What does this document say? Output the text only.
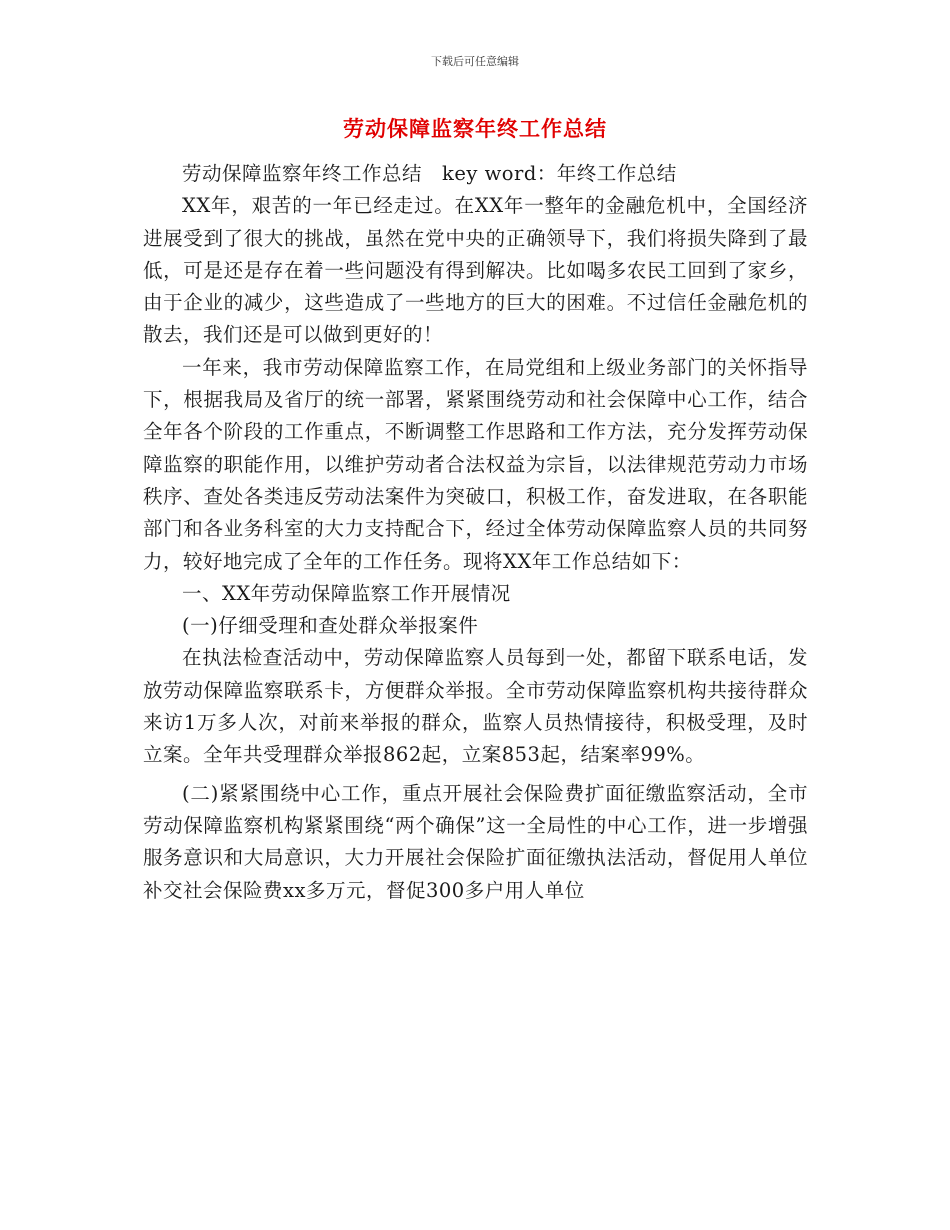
下载后可任意编辑
劳动保障监察年终工作总结

劳动保障监察年终工作总结　key word：年终工作总结

XX年，艰苦的一年已经走过。在XX年一整年的金融危机中，全国经济进展受到了很大的挑战，虽然在党中央的正确领导下，我们将损失降到了最低，可是还是存在着一些问题没有得到解决。比如喝多农民工回到了家乡，由于企业的减少，这些造成了一些地方的巨大的困难。不过信任金融危机的散去，我们还是可以做到更好的！

一年来，我市劳动保障监察工作，在局党组和上级业务部门的关怀指导下，根据我局及省厅的统一部署，紧紧围绕劳动和社会保障中心工作，结合全年各个阶段的工作重点，不断调整工作思路和工作方法，充分发挥劳动保障监察的职能作用，以维护劳动者合法权益为宗旨，以法律规范劳动力市场秩序、查处各类违反劳动法案件为突破口，积极工作，奋发进取，在各职能部门和各业务科室的大力支持配合下，经过全体劳动保障监察人员的共同努力，较好地完成了全年的工作任务。现将XX年工作总结如下：

一、XX年劳动保障监察工作开展情况

(一)仔细受理和查处群众举报案件

在执法检查活动中，劳动保障监察人员每到一处，都留下联系电话，发放劳动保障监察联系卡，方便群众举报。全市劳动保障监察机构共接待群众来访1万多人次，对前来举报的群众，监察人员热情接待，积极受理，及时立案。全年共受理群众举报862起，立案853起，结案率99%。

(二)紧紧围绕中心工作，重点开展社会保险费扩面征缴监察活动，全市劳动保障监察机构紧紧围绕“两个确保”这一全局性的中心工作，进一步增强服务意识和大局意识，大力开展社会保险扩面征缴执法活动，督促用人单位补交社会保险费xx多万元，督促300多户用人单位
